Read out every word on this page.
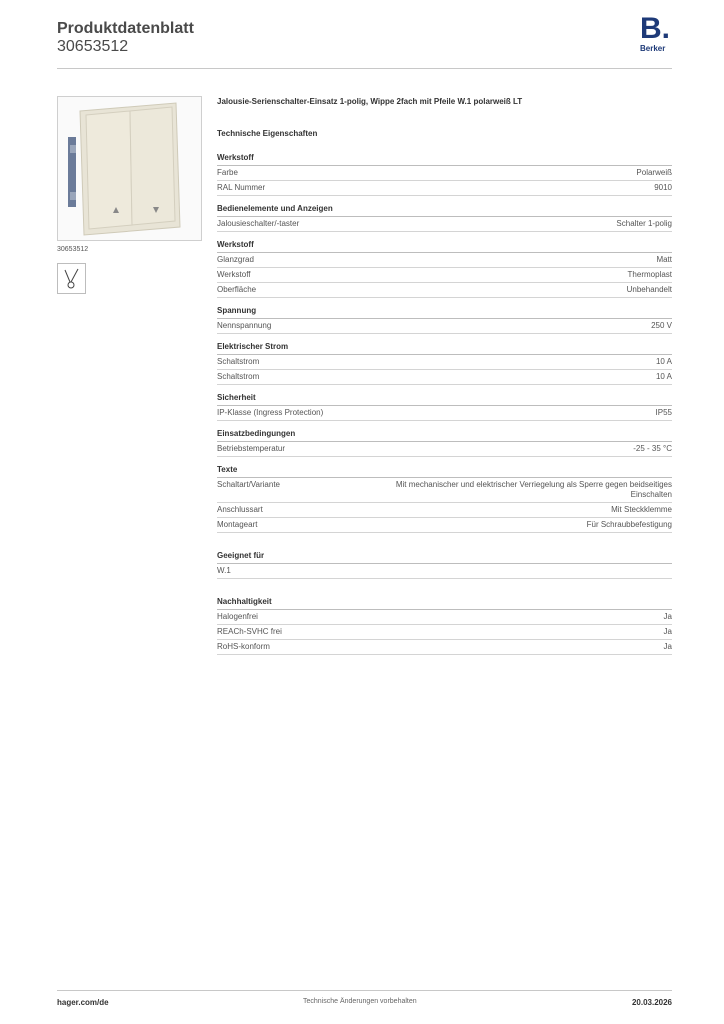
Produktdatenblatt
30653512
B.
Berker
30653512
Jalousie-Serienschalter-Einsatz 1-polig, Wippe 2fach mit Pfeile W.1 polarweiß LT
Technische Eigenschaften
Werkstoff
Farbe	Polarweiß
RAL Nummer	9010
Bedienelemente und Anzeigen
Jalousieschalter/-taster	Schalter 1-polig
Werkstoff
Glanzgrad	Matt
Werkstoff	Thermoplast
Oberfläche	Unbehandelt
Spannung
Nennspannung	250 V
Elektrischer Strom
Schaltstrom	10 A
Schaltstrom	10 A
Sicherheit
IP-Klasse (Ingress Protection)	IP55
Einsatzbedingungen
Betriebstemperatur	-25 - 35 °C
Texte
Schaltart/Variante	Mit mechanischer und elektrischer Verriegelung als Sperre gegen beidseitiges Einschalten
Anschlussart	Mit Steckklemme
Montageart	Für Schraubbefestigung
Geeignet für
W.1
Nachhaltigkeit
Halogenfrei	Ja
REACh-SVHC frei	Ja
RoHS-konform	Ja
hager.com/de	Technische Änderungen vorbehalten	20.03.2026
